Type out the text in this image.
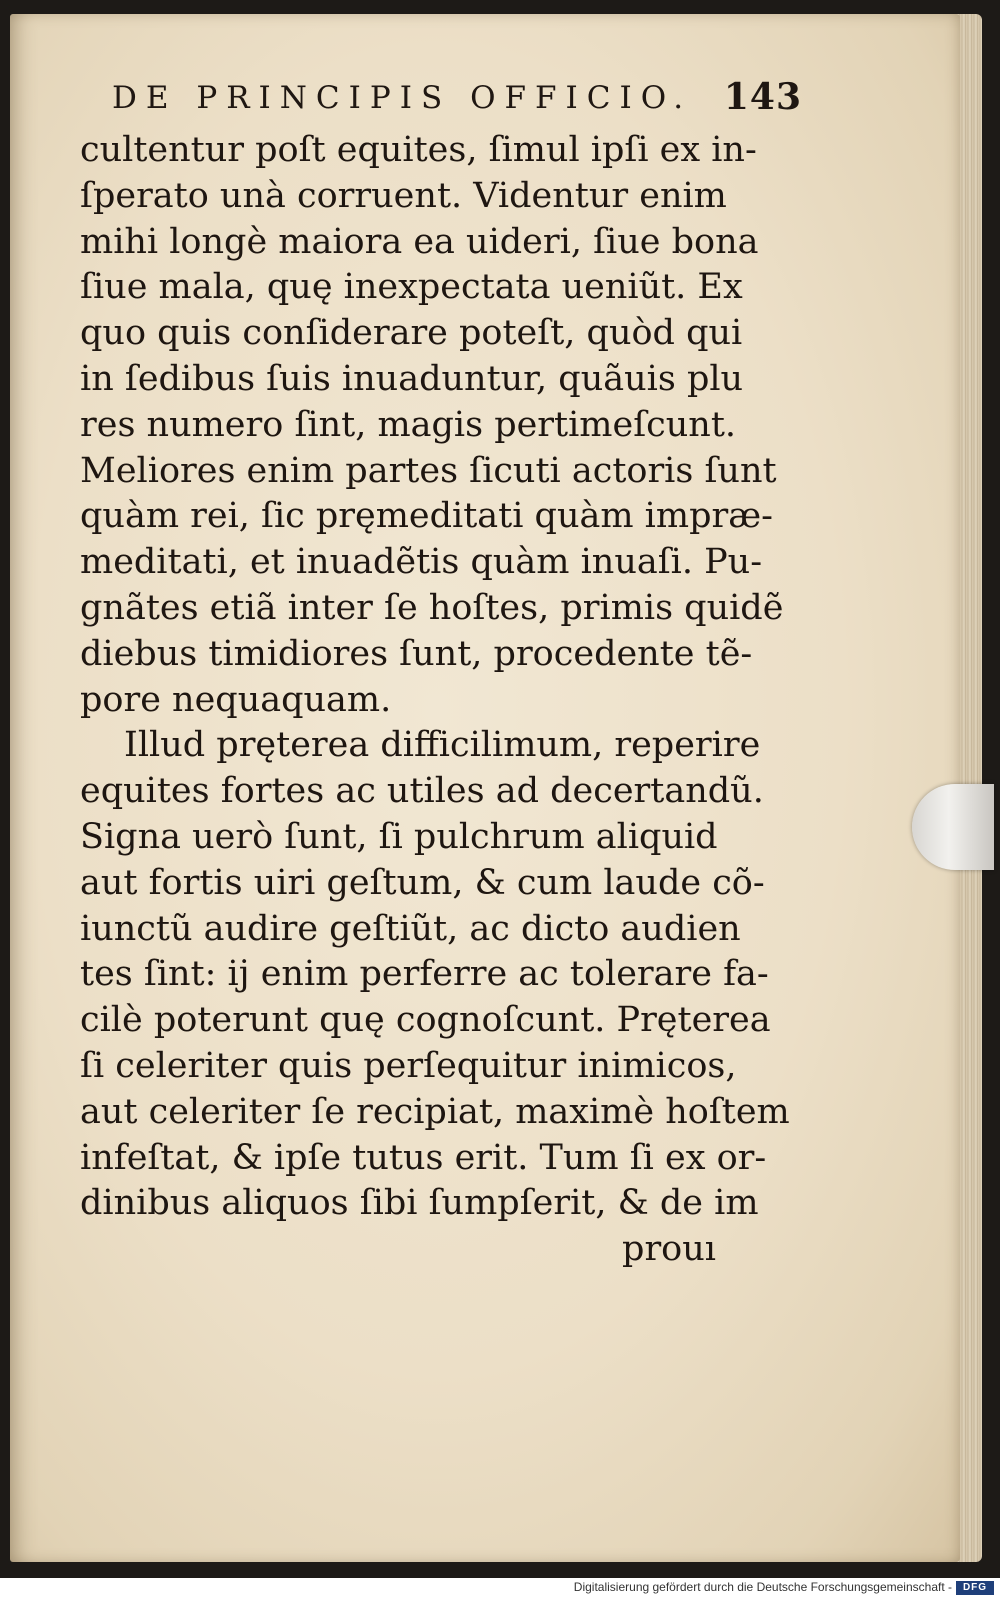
DE PRINCIPIS OFFICIO. 143
cultentur poſt equites, ſimul ipſi ex in-
ſperato unà corruent. Videntur enim
mihi longè maiora ea uideri, ſiue bona
ſiue mala, quę inexpectata ueniũt. Ex
quo quis conſiderare poteſt, quòd qui
in ſedibus ſuis inuaduntur, quãuis plu
res numero ſint, magis pertimeſcunt.
Meliores enim partes ſicuti actoris ſunt
quàm rei, ſic pręmeditati quàm impræ-
meditati, et inuadẽtis quàm inuaſi. Pu-
gnãtes etiã inter ſe hoſtes, primis quidẽ
diebus timidiores ſunt, procedente tẽ-
pore nequaquam.
Illud pręterea difficilimum, reperire
equites fortes ac utiles ad decertandũ.
Signa uerò ſunt, ſi pulchrum aliquid
aut fortis uiri geſtum, & cum laude cõ-
iunctũ audire geſtiũt, ac dicto audien
tes ſint: ij enim perferre ac tolerare fa-
cilè poterunt quę cognoſcunt. Pręterea
ſi celeriter quis perſequitur inimicos,
aut celeriter ſe recipiat, maximè hoſtem
infeſtat, & ipſe tutus erit. Tum ſi ex or-
dinibus aliquos ſibi ſumpſerit, & de im
prouı
Digitalisierung gefördert durch die Deutsche Forschungsgemeinschaft -	DFG
